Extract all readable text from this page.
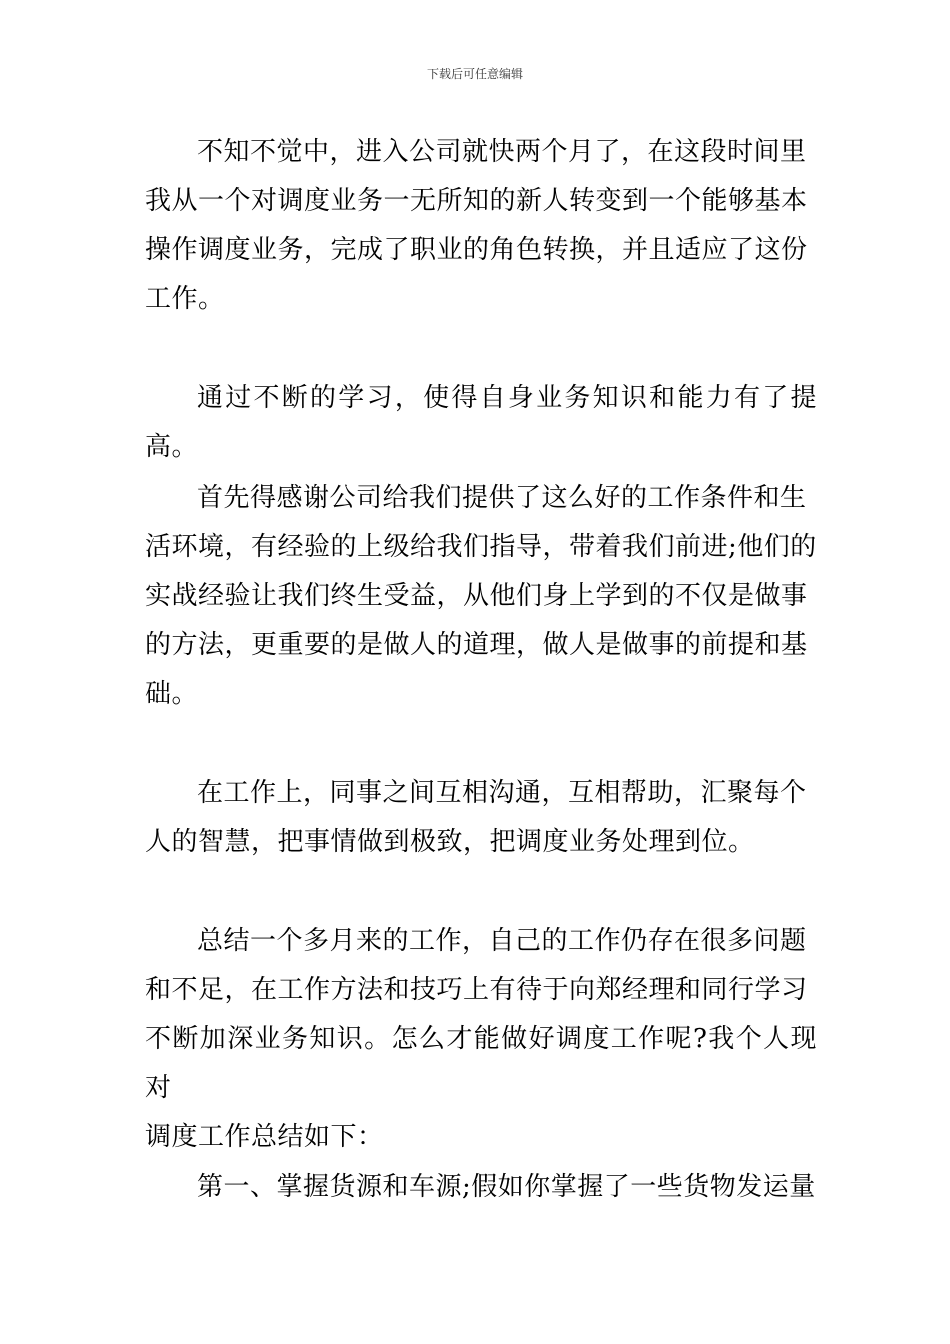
下载后可任意编辑

不知不觉中，进入公司就快两个月了，在这段时间里
我从一个对调度业务一无所知的新人转变到一个能够基本
操作调度业务，完成了职业的角色转换，并且适应了这份
工作。

通过不断的学习，使得自身业务知识和能力有了提高。

首先得感谢公司给我们提供了这么好的工作条件和生
活环境，有经验的上级给我们指导，带着我们前进;他们的
实战经验让我们终生受益，从他们身上学到的不仅是做事
的方法，更重要的是做人的道理，做人是做事的前提和基
础。

在工作上，同事之间互相沟通，互相帮助，汇聚每个
人的智慧，把事情做到极致，把调度业务处理到位。

总结一个多月来的工作，自己的工作仍存在很多问题
和不足，在工作方法和技巧上有待于向郑经理和同行学习
不断加深业务知识。怎么才能做好调度工作呢?我个人现对
调度工作总结如下：

第一、掌握货源和车源;假如你掌握了一些货物发运量
